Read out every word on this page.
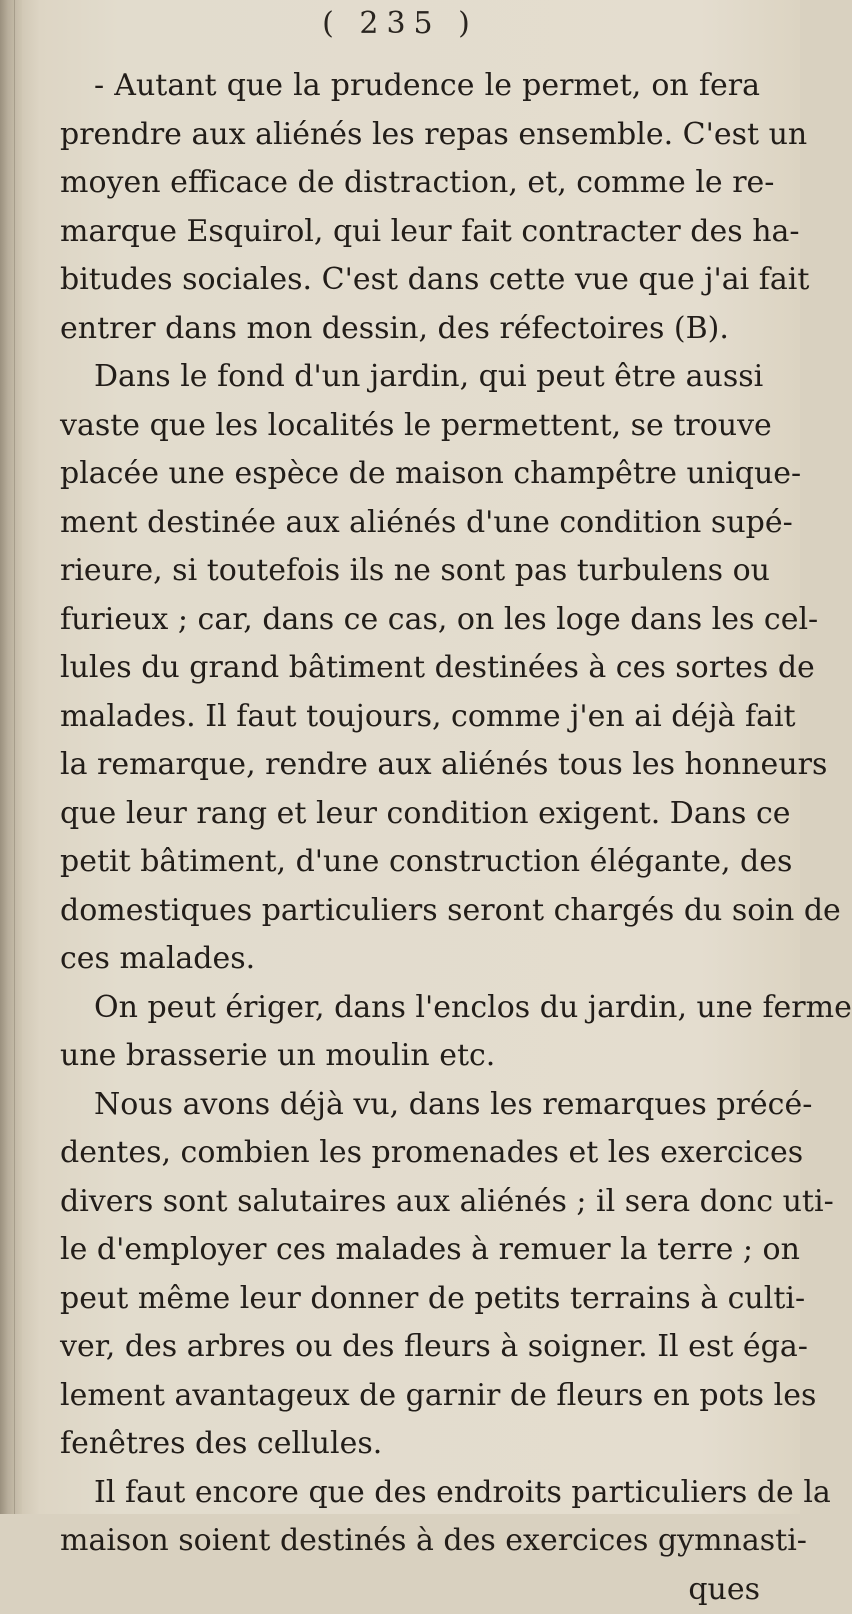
( 235 )
- Autant que la prudence le permet, on fera
prendre aux aliénés les repas ensemble. C'est un
moyen efficace de distraction, et, comme le re-
marque Esquirol, qui leur fait contracter des ha-
bitudes sociales. C'est dans cette vue que j'ai fait
entrer dans mon dessin, des réfectoires (B).
Dans le fond d'un jardin, qui peut être aussi
vaste que les localités le permettent, se trouve
placée une espèce de maison champêtre unique-
ment destinée aux aliénés d'une condition supé-
rieure, si toutefois ils ne sont pas turbulens ou
furieux ; car, dans ce cas, on les loge dans les cel-
lules du grand bâtiment destinées à ces sortes de
malades. Il faut toujours, comme j'en ai déjà fait
la remarque, rendre aux aliénés tous les honneurs
que leur rang et leur condition exigent. Dans ce
petit bâtiment, d'une construction élégante, des
domestiques particuliers seront chargés du soin de
ces malades.
On peut ériger, dans l'enclos du jardin, une ferme
une brasserie un moulin etc.
Nous avons déjà vu, dans les remarques précé-
dentes, combien les promenades et les exercices
divers sont salutaires aux aliénés ; il sera donc uti-
le d'employer ces malades à remuer la terre ; on
peut même leur donner de petits terrains à culti-
ver, des arbres ou des fleurs à soigner. Il est éga-
lement avantageux de garnir de fleurs en pots les
fenêtres des cellules.
Il faut encore que des endroits particuliers de la
maison soient destinés à des exercices gymnasti-
ques
